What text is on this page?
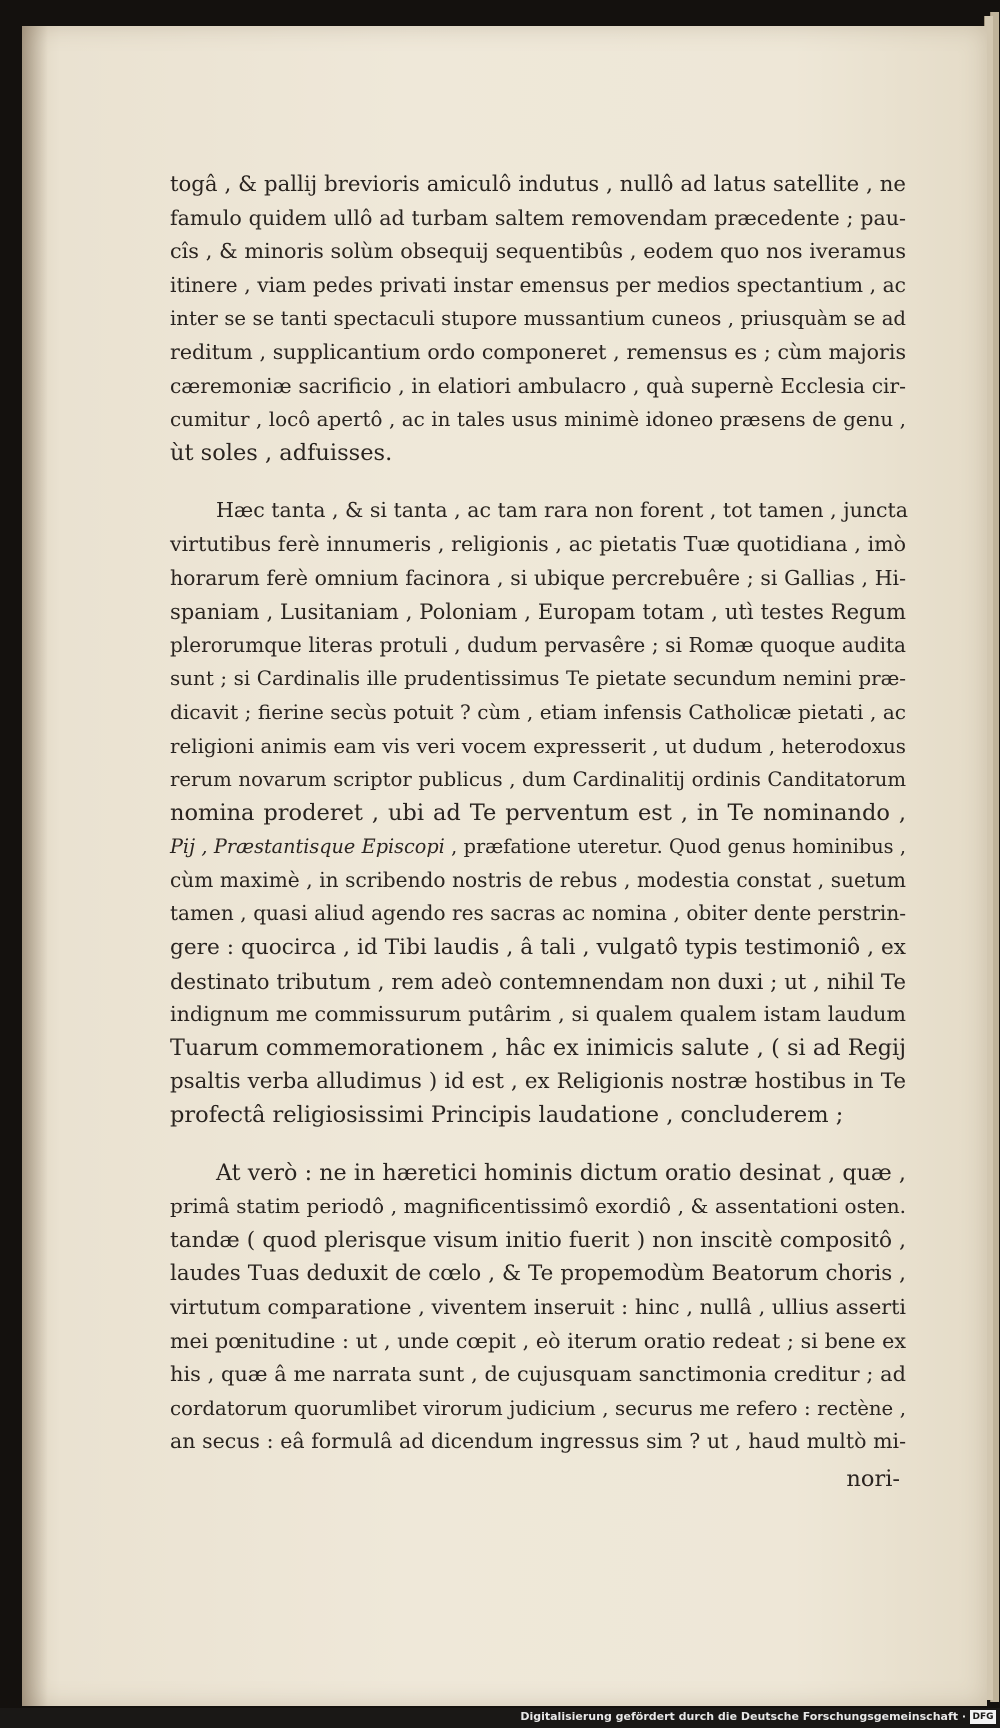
togâ , & pallij brevioris amiculô indutus , nullô ad latus satellite , ne
famulo quidem ullô ad turbam saltem removendam præcedente ; pau-
cîs , & minoris solùm obsequij sequentibûs , eodem quo nos iveramus
itinere , viam pedes privati instar emensus per medios spectantium , ac
inter se se tanti spectaculi stupore mussantium cuneos , priusquàm se ad
reditum , supplicantium ordo componeret , remensus es ; cùm majoris
cæremoniæ sacrificio , in elatiori ambulacro , quà supernè Ecclesia cir-
cumitur , locô apertô , ac in tales usus minimè idoneo præsens de genu ,
ùt soles , adfuisses.
Hæc tanta , & si tanta , ac tam rara non forent , tot tamen , juncta
virtutibus ferè innumeris , religionis , ac pietatis Tuæ quotidiana , imò
horarum ferè omnium facinora , si ubique percrebuêre ; si Gallias , Hi-
spaniam , Lusitaniam , Poloniam , Europam totam , utì testes Regum
plerorumque literas protuli , dudum pervasêre ; si Romæ quoque audita
sunt ; si Cardinalis ille prudentissimus Te pietate secundum nemini præ-
dicavit ; fierine secùs potuit ? cùm , etiam infensis Catholicæ pietati , ac
religioni animis eam vis veri vocem expresserit , ut dudum , heterodoxus
rerum novarum scriptor publicus , dum Cardinalitij ordinis Canditatorum
nomina proderet , ubi ad Te perventum est , in Te nominando ,
Pij , Præstantisque Episcopi , præfatione uteretur. Quod genus hominibus ,
cùm maximè , in scribendo nostris de rebus , modestia constat , suetum
tamen , quasi aliud agendo res sacras ac nomina , obiter dente perstrin-
gere : quocirca , id Tibi laudis , â tali , vulgatô typis testimoniô , ex
destinato tributum , rem adeò contemnendam non duxi ; ut , nihil Te
indignum me commissurum putârim , si qualem qualem istam laudum
Tuarum commemorationem , hâc ex inimicis salute , ( si ad Regij
psaltis verba alludimus ) id est , ex Religionis nostræ hostibus in Te
profectâ religiosissimi Principis laudatione , concluderem ;
At verò : ne in hæretici hominis dictum oratio desinat , quæ ,
primâ statim periodô , magnificentissimô exordiô , & assentationi osten.
tandæ ( quod plerisque visum initio fuerit ) non inscitè compositô ,
laudes Tuas deduxit de cœlo , & Te propemodùm Beatorum choris ,
virtutum comparatione , viventem inseruit : hinc , nullâ , ullius asserti
mei pœnitudine : ut , unde cœpit , eò iterum oratio redeat ; si bene ex
his , quæ â me narrata sunt , de cujusquam sanctimonia creditur ; ad
cordatorum quorumlibet virorum judicium , securus me refero : rectène ,
an secus : eâ formulâ ad dicendum ingressus sim ? ut , haud multò mi-
nori-
Digitalisierung gefördert durch die Deutsche Forschungsgemeinschaft · DFG
